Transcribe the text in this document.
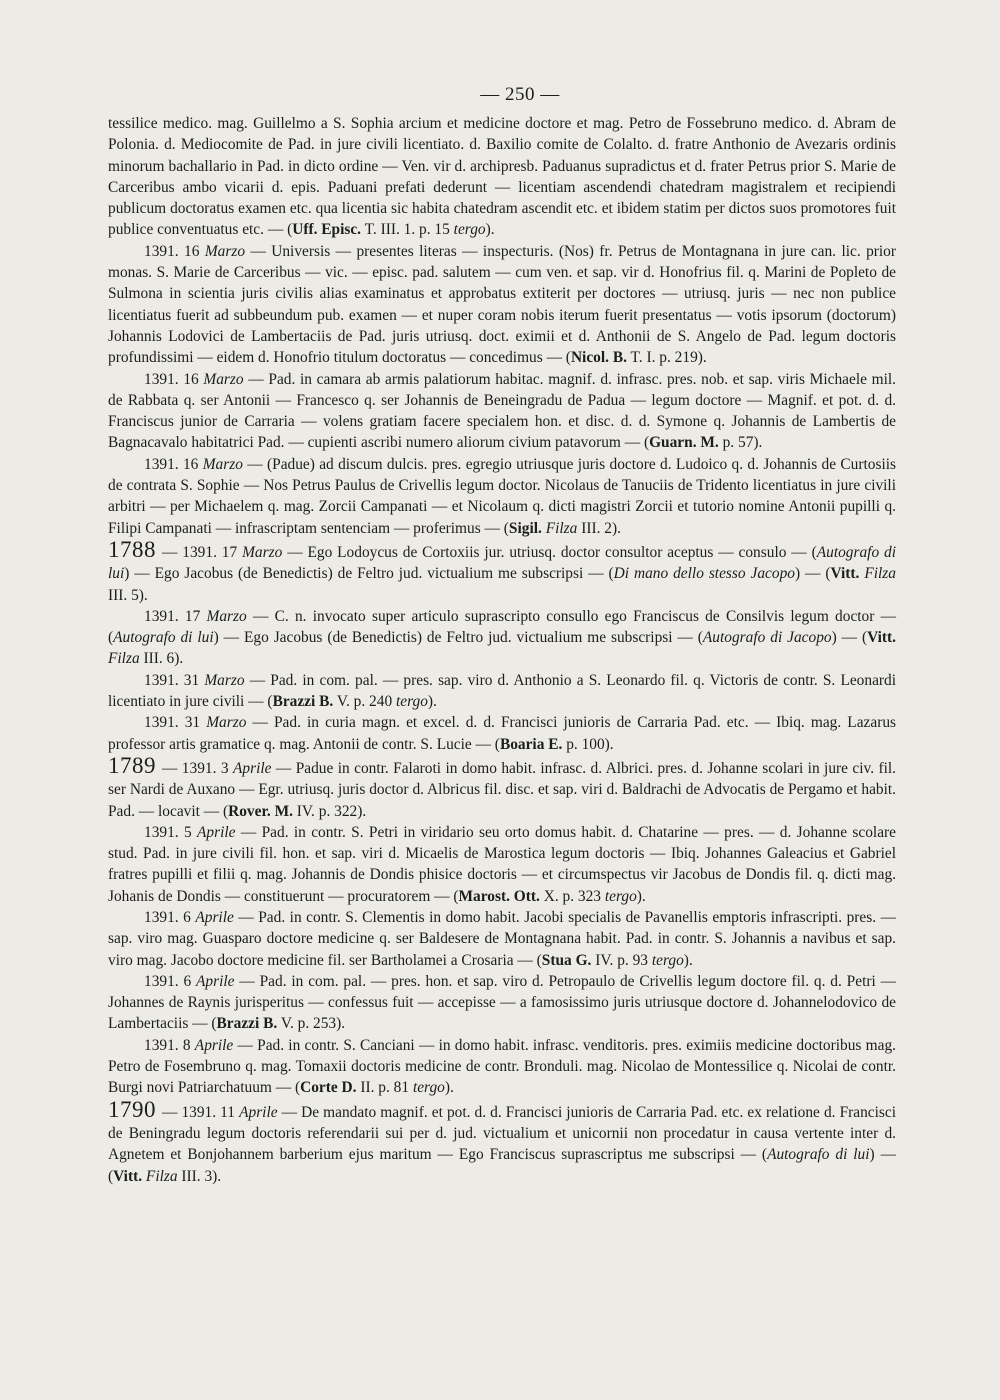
— 250 —

tessilice medico. mag. Guillelmo a S. Sophia arcium et medicine doctore et mag. Petro de Fossebruno medico. d. Abram de Polonia. d. Mediocomite de Pad. in jure civili licentiato. d. Baxilio comite de Colalto. d. fratre Anthonio de Avezaris ordinis minorum bachallario in Pad. in dicto ordine — Ven. vir d. archipresb. Paduanus supradictus et d. frater Petrus prior S. Marie de Carceribus ambo vicarii d. epis. Paduani prefati dederunt — licentiam ascendendi chatedram magistralem et recipiendi publicum doctoratus examen etc. qua licentia sic habita chatedram ascendit etc. et ibidem statim per dictos suos promotores fuit publice conventuatus etc. — (Uff. Episc. T. III. 1. p. 15 tergo).

1391. 16 Marzo — Universis — presentes literas — inspecturis. (Nos) fr. Petrus de Montagnana in jure can. lic. prior monas. S. Marie de Carceribus — vic. — episc. pad. salutem — cum ven. et sap. vir d. Honofrius fil. q. Marini de Popleto de Sulmona in scientia juris civilis alias examinatus et approbatus extiterit per doctores — utriusq. juris — nec non publice licentiatus fuerit ad subbeundum pub. examen — et nuper coram nobis iterum fuerit presentatus — votis ipsorum (doctorum) Johannis Lodovici de Lambertaciis de Pad. juris utriusq. doct. eximii et d. Anthonii de S. Angelo de Pad. legum doctoris profundissimi — eidem d. Honofrio titulum doctoratus — concedimus — (Nicol. B. T. I. p. 219).

1391. 16 Marzo — Pad. in camara ab armis palatiorum habitac. magnif. d. infrasc. pres. nob. et sap. viris Michaele mil. de Rabbata q. ser Antonii — Francesco q. ser Johannis de Beneingradu de Padua — legum doctore — Magnif. et pot. d. d. Franciscus junior de Carraria — volens gratiam facere specialem hon. et disc. d. d. Symone q. Johannis de Lambertis de Bagnacavalo habitatrici Pad. — cupienti ascribi numero aliorum civium patavorum — (Guarn. M. p. 57).

1391. 16 Marzo — (Padue) ad discum dulcis. pres. egregio utriusque juris doctore d. Ludoico q. d. Johannis de Curtosiis de contrata S. Sophie — Nos Petrus Paulus de Crivellis legum doctor. Nicolaus de Tanuciis de Tridento licentiatus in jure civili arbitri — per Michaelem q. mag. Zorcii Campanati — et Nicolaum q. dicti magistri Zorcii et tutorio nomine Antonii pupilli q. Filipi Campanati — infrascriptam sentenciam — proferimus — (Sigil. Filza III. 2).

1788 — 1391. 17 Marzo — Ego Lodoycus de Cortoxiis jur. utriusq. doctor consultor aceptus — consulo — (Autografo di lui) — Ego Jacobus (de Benedictis) de Feltro jud. victualium me subscripsi — (Di mano dello stesso Jacopo) — (Vitt. Filza III. 5).

1391. 17 Marzo — C. n. invocato super articulo suprascripto consullo ego Franciscus de Consilvis legum doctor — (Autografo di lui) — Ego Jacobus (de Benedictis) de Feltro jud. victualium me subscripsi — (Autografo di Jacopo) — (Vitt. Filza III. 6).

1391. 31 Marzo — Pad. in com. pal. — pres. sap. viro d. Anthonio a S. Leonardo fil. q. Victoris de contr. S. Leonardi licentiato in jure civili — (Brazzi B. V. p. 240 tergo).

1391. 31 Marzo — Pad. in curia magn. et excel. d. d. Francisci junioris de Carraria Pad. etc. — Ibiq. mag. Lazarus professor artis gramatice q. mag. Antonii de contr. S. Lucie — (Boaria E. p. 100).

1789 — 1391. 3 Aprile — Padue in contr. Falaroti in domo habit. infrasc. d. Albrici. pres. d. Johanne scolari in jure civ. fil. ser Nardi de Auxano — Egr. utriusq. juris doctor d. Albricus fil. disc. et sap. viri d. Baldrachi de Advocatis de Pergamo et habit. Pad. — locavit — (Rover. M. IV. p. 322).

1391. 5 Aprile — Pad. in contr. S. Petri in viridario seu orto domus habit. d. Chatarine — pres. — d. Johanne scolare stud. Pad. in jure civili fil. hon. et sap. viri d. Micaelis de Marostica legum doctoris — Ibiq. Johannes Galeacius et Gabriel fratres pupilli et filii q. mag. Johannis de Dondis phisice doctoris — et circumspectus vir Jacobus de Dondis fil. q. dicti mag. Johanis de Dondis — constituerunt — procuratorem — (Marost. Ott. X. p. 323 tergo).

1391. 6 Aprile — Pad. in contr. S. Clementis in domo habit. Jacobi specialis de Pavanellis emptoris infrascripti. pres. — sap. viro mag. Guasparo doctore medicine q. ser Baldesere de Montagnana habit. Pad. in contr. S. Johannis a navibus et sap. viro mag. Jacobo doctore medicine fil. ser Bartholamei a Crosaria — (Stua G. IV. p. 93 tergo).

1391. 6 Aprile — Pad. in com. pal. — pres. hon. et sap. viro d. Petropaulo de Crivellis legum doctore fil. q. d. Petri — Johannes de Raynis jurisperitus — confessus fuit — accepisse — a famosissimo juris utriusque doctore d. Johannelodovico de Lambertaciis — (Brazzi B. V. p. 253).

1391. 8 Aprile — Pad. in contr. S. Canciani — in domo habit. infrasc. venditoris. pres. eximiis medicine doctoribus mag. Petro de Fosembruno q. mag. Tomaxii doctoris medicine de contr. Bronduli. mag. Nicolao de Montessilice q. Nicolai de contr. Burgi novi Patriarchatuum — (Corte D. II. p. 81 tergo).

1790 — 1391. 11 Aprile — De mandato magnif. et pot. d. d. Francisci junioris de Carraria Pad. etc. ex relatione d. Francisci de Beningradu legum doctoris referendarii sui per d. jud. victualium et unicornii non procedatur in causa vertente inter d. Agnetem et Bonjohannem barberium ejus maritum — Ego Franciscus suprascriptus me subscripsi — (Autografo di lui) — (Vitt. Filza III. 3).
